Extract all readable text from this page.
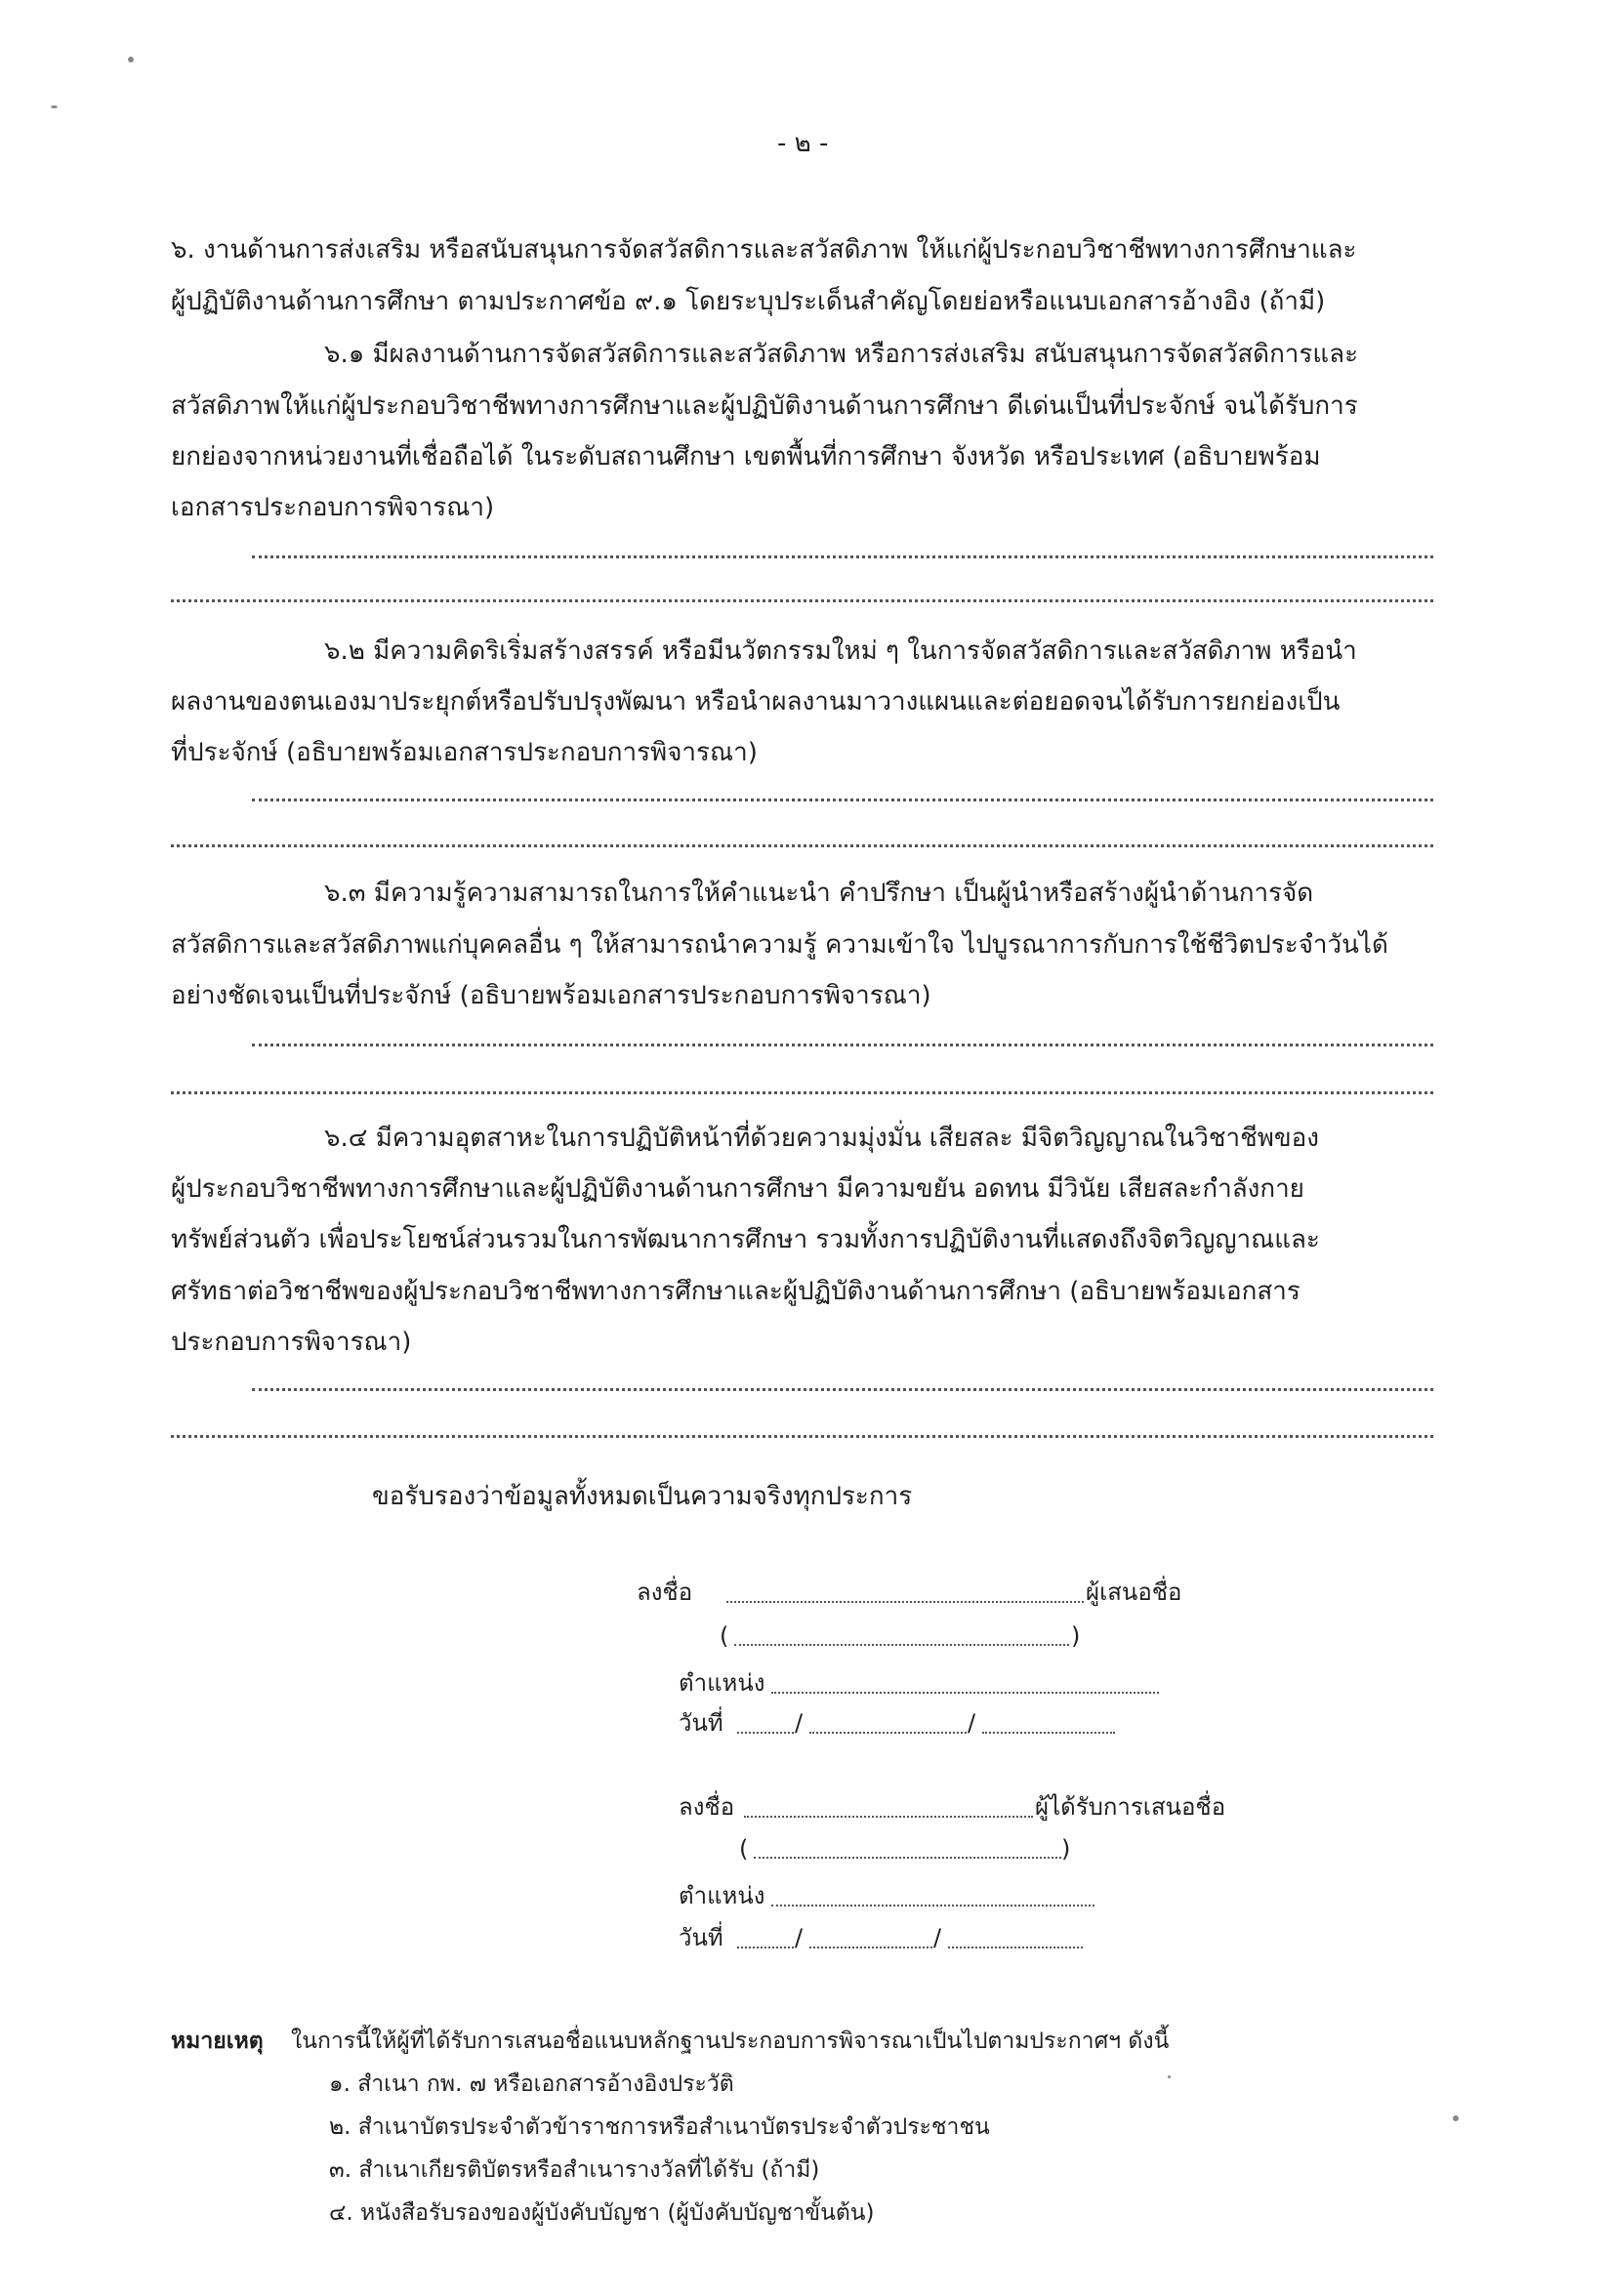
- ๒ -
๖. งานด้านการส่งเสริม หรือสนับสนุนการจัดสวัสดิการและสวัสดิภาพ ให้แก่ผู้ประกอบวิชาชีพทางการศึกษาและ
ผู้ปฏิบัติงานด้านการศึกษา ตามประกาศข้อ ๙.๑ โดยระบุประเด็นสำคัญโดยย่อหรือแนบเอกสารอ้างอิง (ถ้ามี)
๖.๑ มีผลงานด้านการจัดสวัสดิการและสวัสดิภาพ หรือการส่งเสริม สนับสนุนการจัดสวัสดิการและ
สวัสดิภาพให้แก่ผู้ประกอบวิชาชีพทางการศึกษาและผู้ปฏิบัติงานด้านการศึกษา ดีเด่นเป็นที่ประจักษ์ จนได้รับการ
ยกย่องจากหน่วยงานที่เชื่อถือได้ ในระดับสถานศึกษา เขตพื้นที่การศึกษา จังหวัด หรือประเทศ (อธิบายพร้อม
เอกสารประกอบการพิจารณา)
๖.๒ มีความคิดริเริ่มสร้างสรรค์ หรือมีนวัตกรรมใหม่ ๆ ในการจัดสวัสดิการและสวัสดิภาพ หรือนำ
ผลงานของตนเองมาประยุกต์หรือปรับปรุงพัฒนา หรือนำผลงานมาวางแผนและต่อยอดจนได้รับการยกย่องเป็น
ที่ประจักษ์ (อธิบายพร้อมเอกสารประกอบการพิจารณา)
๖.๓ มีความรู้ความสามารถในการให้คำแนะนำ คำปรึกษา เป็นผู้นำหรือสร้างผู้นำด้านการจัด
สวัสดิการและสวัสดิภาพแก่บุคคลอื่น ๆ ให้สามารถนำความรู้ ความเข้าใจ ไปบูรณาการกับการใช้ชีวิตประจำวันได้
อย่างชัดเจนเป็นที่ประจักษ์ (อธิบายพร้อมเอกสารประกอบการพิจารณา)
๖.๔ มีความอุตสาหะในการปฏิบัติหน้าที่ด้วยความมุ่งมั่น เสียสละ มีจิตวิญญาณในวิชาชีพของ
ผู้ประกอบวิชาชีพทางการศึกษาและผู้ปฏิบัติงานด้านการศึกษา มีความขยัน อดทน มีวินัย เสียสละกำลังกาย
ทรัพย์ส่วนตัว เพื่อประโยชน์ส่วนรวมในการพัฒนาการศึกษา รวมทั้งการปฏิบัติงานที่แสดงถึงจิตวิญญาณและ
ศรัทธาต่อวิชาชีพของผู้ประกอบวิชาชีพทางการศึกษาและผู้ปฏิบัติงานด้านการศึกษา (อธิบายพร้อมเอกสาร
ประกอบการพิจารณา)
ขอรับรองว่าข้อมูลทั้งหมดเป็นความจริงทุกประการ
ลงชื่อ	ผู้เสนอชื่อ
(	)
ตำแหน่ง
วันที่	/	/
ลงชื่อ	ผู้ได้รับการเสนอชื่อ
(	)
ตำแหน่ง
วันที่	/	/
หมายเหตุ ในการนี้ให้ผู้ที่ได้รับการเสนอชื่อแนบหลักฐานประกอบการพิจารณาเป็นไปตามประกาศฯ ดังนี้
๑. สำเนา กพ. ๗ หรือเอกสารอ้างอิงประวัติ
๒. สำเนาบัตรประจำตัวข้าราชการหรือสำเนาบัตรประจำตัวประชาชน
๓. สำเนาเกียรติบัตรหรือสำเนารางวัลที่ได้รับ (ถ้ามี)
๔. หนังสือรับรองของผู้บังคับบัญชา (ผู้บังคับบัญชาขั้นต้น)
